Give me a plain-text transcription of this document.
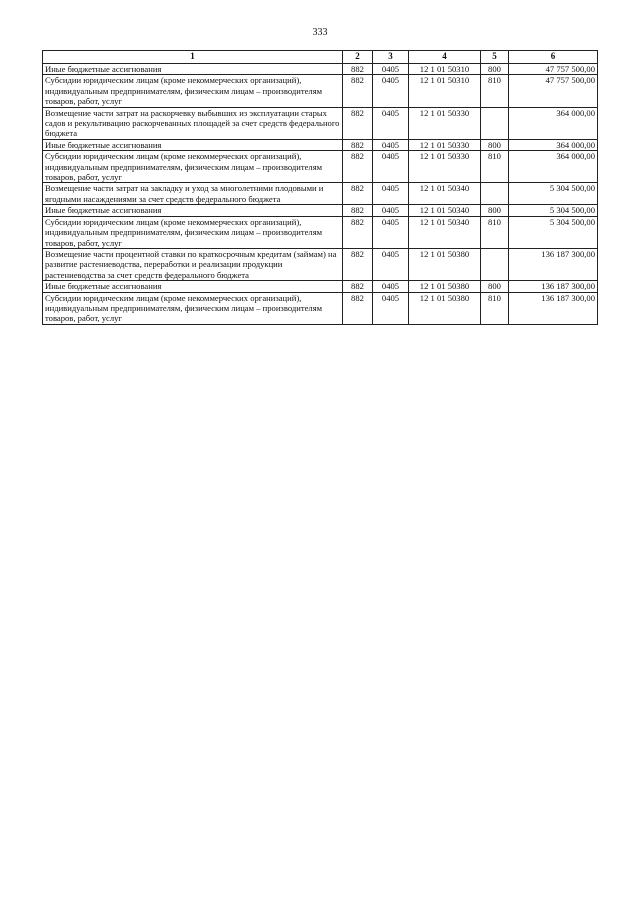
333
1	2	3	4	5	6
Иные бюджетные ассигнования	882	0405	12 1 01 50310	800	47 757 500,00
Субсидии юридическим лицам (кроме некоммерческих организаций), индивидуальным предпринимателям, физическим лицам – производителям товаров, работ, услуг	882	0405	12 1 01 50310	810	47 757 500,00
Возмещение части затрат на раскорчевку выбывших из эксплуатации старых садов и рекультивацию раскорчеванных площадей за счет средств федерального бюджета	882	0405	12 1 01 50330		364 000,00
Иные бюджетные ассигнования	882	0405	12 1 01 50330	800	364 000,00
Субсидии юридическим лицам (кроме некоммерческих организаций), индивидуальным предпринимателям, физическим лицам – производителям товаров, работ, услуг	882	0405	12 1 01 50330	810	364 000,00
Возмещение части затрат на закладку и уход за многолетними плодовыми и ягодными насаждениями за счет средств федерального бюджета	882	0405	12 1 01 50340		5 304 500,00
Иные бюджетные ассигнования	882	0405	12 1 01 50340	800	5 304 500,00
Субсидии юридическим лицам (кроме некоммерческих организаций), индивидуальным предпринимателям, физическим лицам – производителям товаров, работ, услуг	882	0405	12 1 01 50340	810	5 304 500,00
Возмещение части процентной ставки по краткосрочным кредитам (займам) на развитие растениеводства, переработки и реализации продукции растениеводства за счет средств федерального бюджета	882	0405	12 1 01 50380		136 187 300,00
Иные бюджетные ассигнования	882	0405	12 1 01 50380	800	136 187 300,00
Субсидии юридическим лицам (кроме некоммерческих организаций), индивидуальным предпринимателям, физическим лицам – производителям товаров, работ, услуг	882	0405	12 1 01 50380	810	136 187 300,00
